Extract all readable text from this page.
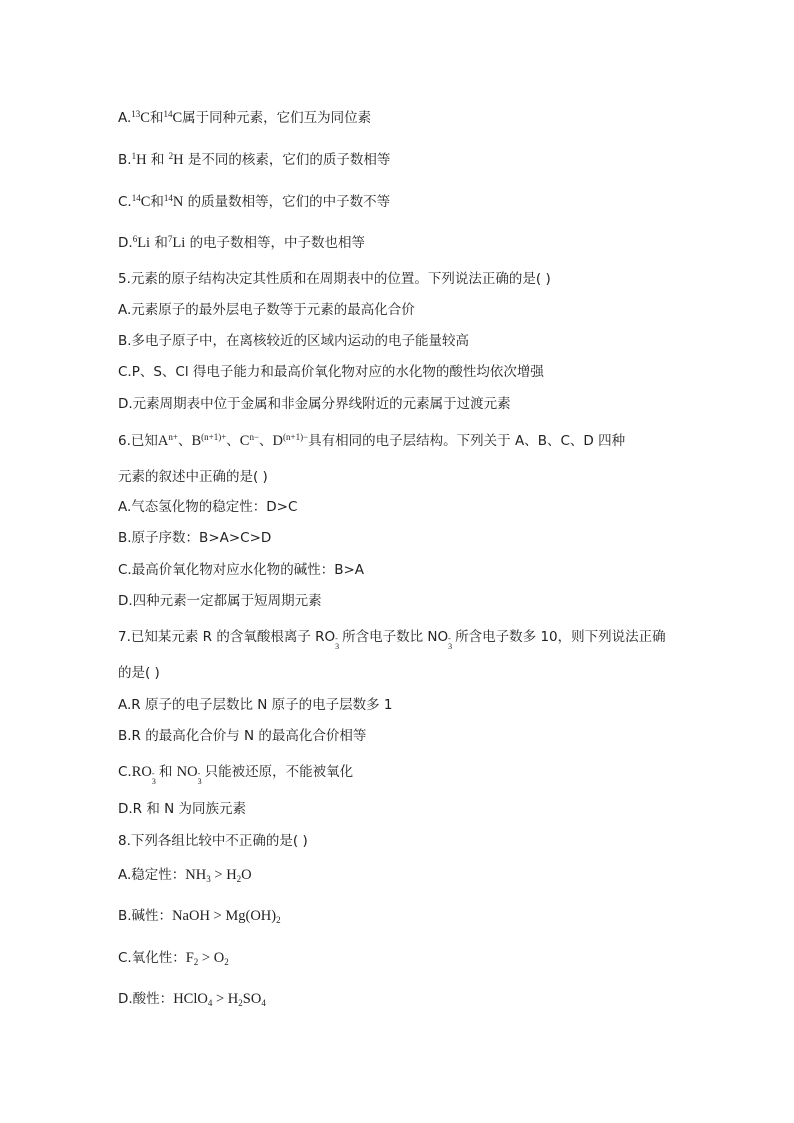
A.$^{13}$C和$^{14}$C属于同种元素，它们互为同位素
B.$^1$H 和 $^2$H 是不同的核素，它们的质子数相等
C.$^{14}$C和$^{14}$N 的质量数相等，它们的中子数不等
D.$^6$Li 和$^7$Li 的电子数相等，中子数也相等
5.元素的原子结构决定其性质和在周期表中的位置。下列说法正确的是( )
A.元素原子的最外层电子数等于元素的最高化合价
B.多电子原子中，在离核较近的区域内运动的电子能量较高
C.P、S、Cl 得电子能力和最高价氧化物对应的水化物的酸性均依次增强
D.元素周期表中位于金属和非金属分界线附近的元素属于过渡元素
6.已知$A^{n+}$、$B^{(n+1)+}$、$C^{n-}$、$D^{(n+1)-}$具有相同的电子层结构。下列关于 A、B、C、D 四种
元素的叙述中正确的是( )
A.气态氢化物的稳定性：D>C
B.原子序数：B>A>C>D
C.最高价氧化物对应水化物的碱性：B>A
D.四种元素一定都属于短周期元素
7.已知某元素 R 的含氧酸根离子 RO -
3
所含电子数比 NO -
3
所含电子数多 10，则下列说法正确
的是( )
A.R 原子的电子层数比 N 原子的电子层数多 1
B.R 的最高化合价与 N 的最高化合价相等
C.RO -
3
和 NO -
3
只能被还原，不能被氧化
D.R 和 N 为同族元素
8.下列各组比较中不正确的是( )
A.稳定性：$NH_3 > H_2O$
B.碱性：NaOH > $Mg(OH)_2$
C.氧化性：$F_2 > O_2$
D.酸性：HClO$_4$ > $H_2SO_4$
